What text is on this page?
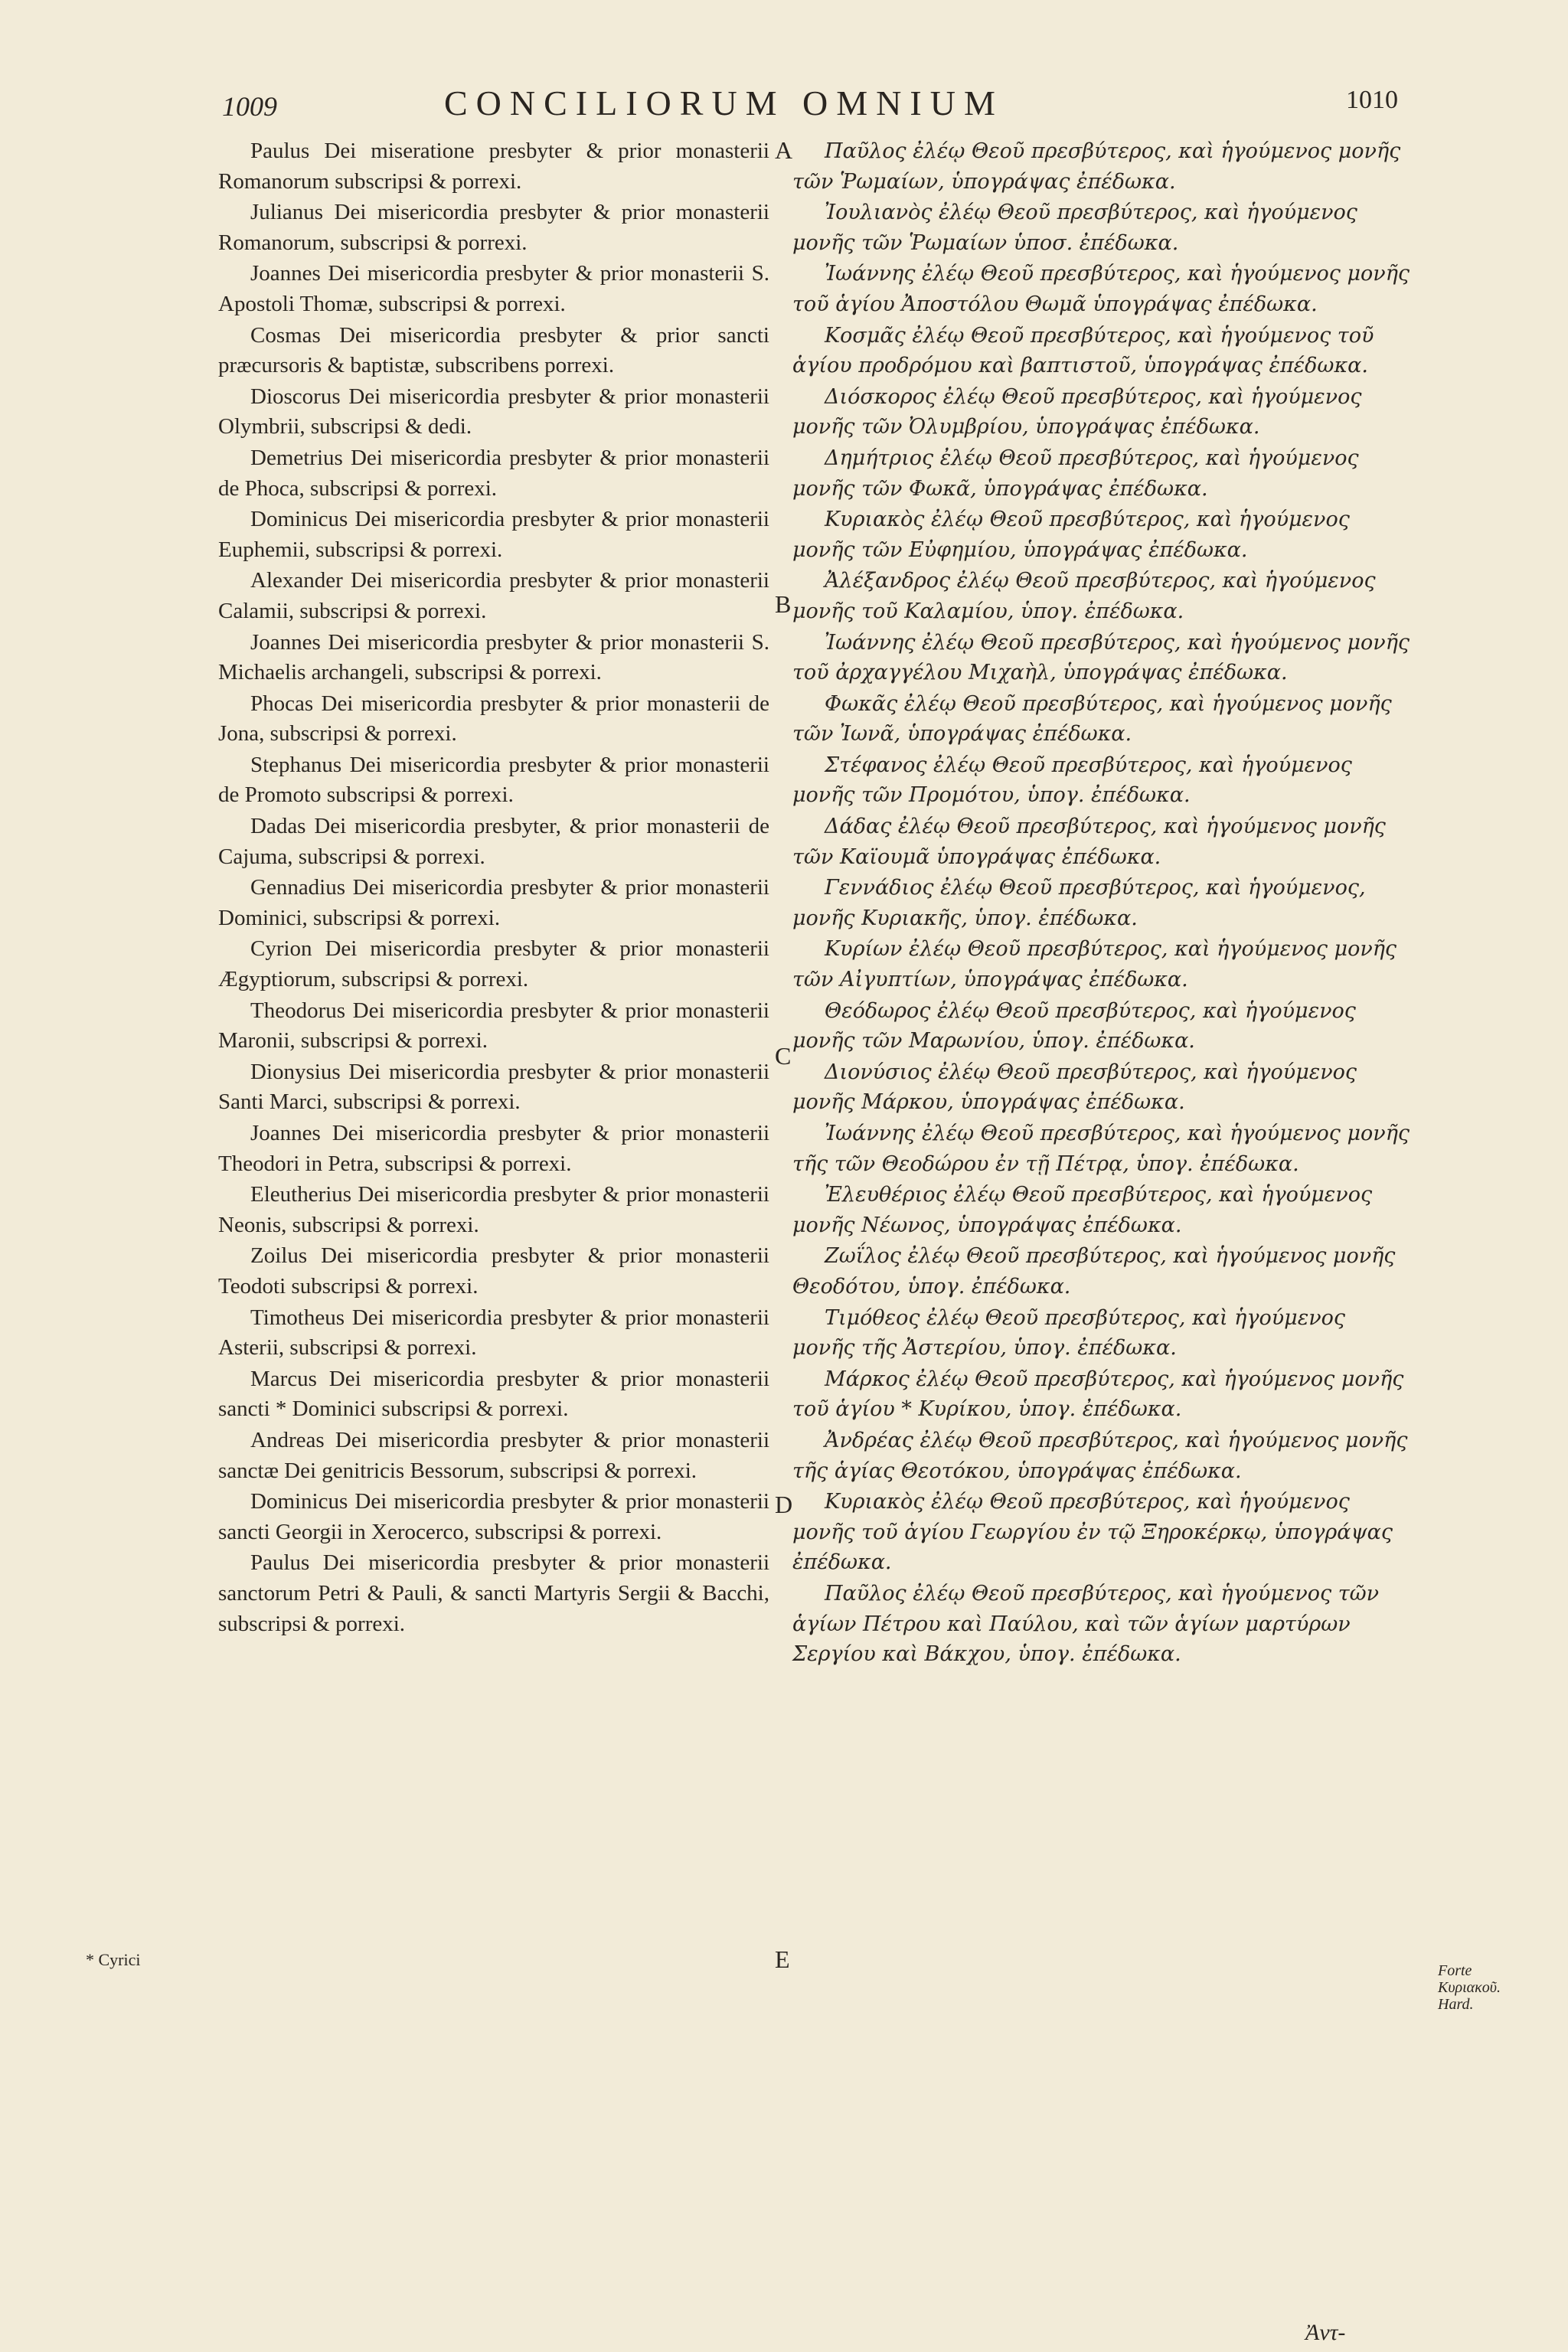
1009	CONCILIORUM OMNIUM	1010

Paulus Dei miseratione presbyter & prior monasterii Romanorum subscripsi & porrexi.

Julianus Dei misericordia presbyter & prior monasterii Romanorum, subscripsi & porrexi.

Joannes Dei misericordia presbyter & prior monasterii S. Apostoli Thomæ, subscripsi & porrexi.

Cosmas Dei misericordia presbyter & prior sancti præcursoris & baptistæ, subscribens porrexi.

Dioscorus Dei misericordia presbyter & prior monasterii Olymbrii, subscripsi & dedi.

Demetrius Dei misericordia presbyter & prior monasterii de Phoca, subscripsi & porrexi.

Dominicus Dei misericordia presbyter & prior monasterii Euphemii, subscripsi & porrexi.

Alexander Dei misericordia presbyter & prior monasterii Calamii, subscripsi & porrexi.

Joannes Dei misericordia presbyter & prior monasterii S. Michaelis archangeli, subscripsi & porrexi.

Phocas Dei misericordia presbyter & prior monasterii de Jona, subscripsi & porrexi.

Stephanus Dei misericordia presbyter & prior monasterii de Promoto subscripsi & porrexi.

Dadas Dei misericordia presbyter, & prior monasterii de Cajuma, subscripsi & porrexi.

Gennadius Dei misericordia presbyter & prior monasterii Dominici, subscripsi & porrexi.

Cyrion Dei misericordia presbyter & prior monasterii Ægyptiorum, subscripsi & porrexi.

Theodorus Dei misericordia presbyter & prior monasterii Maronii, subscripsi & porrexi.

Dionysius Dei misericordia presbyter & prior monasterii Santi Marci, subscripsi & porrexi.

Joannes Dei misericordia presbyter & prior monasterii Theodori in Petra, subscripsi & porrexi.

Eleutherius Dei misericordia presbyter & prior monasterii Neonis, subscripsi & porrexi.

Zoilus Dei misericordia presbyter & prior monasterii Teodoti subscripsi & porrexi.

Timotheus Dei misericordia presbyter & prior monasterii Asterii, subscripsi & porrexi.

Marcus Dei misericordia presbyter & prior monasterii sancti * Dominici subscripsi & porrexi.

Andreas Dei misericordia presbyter & prior monasterii sanctæ Dei genitricis Bessorum, subscripsi & porrexi.

Dominicus Dei misericordia presbyter & prior monasterii sancti Georgii in Xerocerco, subscripsi & porrexi.

Paulus Dei misericordia presbyter & prior monasterii sanctorum Petri & Pauli, & sancti Martyris Sergii & Bacchi, subscripsi & porrexi.

Παῦλος ἐλέῳ Θεοῦ πρεσβύτερος, καὶ ἡγούμενος μονῆς τῶν Ῥωμαίων, ὑπογράψας ἐπέδωκα.

Ἰουλιανὸς ἐλέῳ Θεοῦ πρεσβύτερος, καὶ ἡγούμενος μονῆς τῶν Ῥωμαίων ὑποσ. ἐπέδωκα.

Ἰωάννης ἐλέῳ Θεοῦ πρεσβύτερος, καὶ ἡγούμενος μονῆς τοῦ ἁγίου Ἀποστόλου Θωμᾶ ὑπογράψας ἐπέδωκα.

Κοσμᾶς ἐλέῳ Θεοῦ πρεσβύτερος, καὶ ἡγούμενος τοῦ ἁγίου προδρόμου καὶ βαπτιστοῦ, ὑπογράψας ἐπέδωκα.

Διόσκορος ἐλέῳ Θεοῦ πρεσβύτερος, καὶ ἡγούμενος μονῆς τῶν Ὀλυμβρίου, ὑπογράψας ἐπέδωκα.

Δημήτριος ἐλέῳ Θεοῦ πρεσβύτερος, καὶ ἡγούμενος μονῆς τῶν Φωκᾶ, ὑπογράψας ἐπέδωκα.

Κυριακὸς ἐλέῳ Θεοῦ πρεσβύτερος, καὶ ἡγούμενος μονῆς τῶν Εὐφημίου, ὑπογράψας ἐπέδωκα.

Ἀλέξανδρος ἐλέῳ Θεοῦ πρεσβύτερος, καὶ ἡγούμενος μονῆς τοῦ Καλαμίου, ὑπογ. ἐπέδωκα.

Ἰωάννης ἐλέῳ Θεοῦ πρεσβύτερος, καὶ ἡγούμενος μονῆς τοῦ ἀρχαγγέλου Μιχαὴλ, ὑπογράψας ἐπέδωκα.

Φωκᾶς ἐλέῳ Θεοῦ πρεσβύτερος, καὶ ἡγούμενος μονῆς τῶν Ἰωνᾶ, ὑπογράψας ἐπέδωκα.

Στέφανος ἐλέῳ Θεοῦ πρεσβύτερος, καὶ ἡγούμενος μονῆς τῶν Προμότου, ὑπογ. ἐπέδωκα.

Δάδας ἐλέῳ Θεοῦ πρεσβύτερος, καὶ ἡγούμενος μονῆς τῶν Καϊουμᾶ ὑπογράψας ἐπέδωκα.

Γεννάδιος ἐλέῳ Θεοῦ πρεσβύτερος, καὶ ἡγούμενος, μονῆς Κυριακῆς, ὑπογ. ἐπέδωκα.

Κυρίων ἐλέῳ Θεοῦ πρεσβύτερος, καὶ ἡγούμενος μονῆς τῶν Αἰγυπτίων, ὑπογράψας ἐπέδωκα.

Θεόδωρος ἐλέῳ Θεοῦ πρεσβύτερος, καὶ ἡγούμενος μονῆς τῶν Μαρωνίου, ὑπογ. ἐπέδωκα.

Διονύσιος ἐλέῳ Θεοῦ πρεσβύτερος, καὶ ἡγούμενος μονῆς Μάρκου, ὑπογράψας ἐπέδωκα.

Ἰωάννης ἐλέῳ Θεοῦ πρεσβύτερος, καὶ ἡγούμενος μονῆς τῆς τῶν Θεοδώρου ἐν τῇ Πέτρᾳ, ὑπογ. ἐπέδωκα.

Ἐλευθέριος ἐλέῳ Θεοῦ πρεσβύτερος, καὶ ἡγούμενος μονῆς Νέωνος, ὑπογράψας ἐπέδωκα.

Ζωΐλος ἐλέῳ Θεοῦ πρεσβύτερος, καὶ ἡγούμενος μονῆς Θεοδότου, ὑπογ. ἐπέδωκα.

Τιμόθεος ἐλέῳ Θεοῦ πρεσβύτερος, καὶ ἡγούμενος μονῆς τῆς Ἀστερίου, ὑπογ. ἐπέδωκα.

Μάρκος ἐλέῳ Θεοῦ πρεσβύτερος, καὶ ἡγούμενος μονῆς τοῦ ἁγίου * Κυρίκου, ὑπογ. ἐπέδωκα.

Ἀνδρέας ἐλέῳ Θεοῦ πρεσβύτερος, καὶ ἡγούμενος μονῆς τῆς ἁγίας Θεοτόκου, ὑπογράψας ἐπέδωκα.

Κυριακὸς ἐλέῳ Θεοῦ πρεσβύτερος, καὶ ἡγούμενος μονῆς τοῦ ἁγίου Γεωργίου ἐν τῷ Ξηροκέρκῳ, ὑπογράψας ἐπέδωκα.

Παῦλος ἐλέῳ Θεοῦ πρεσβύτερος, καὶ ἡγούμενος τῶν ἁγίων Πέτρου καὶ Παύλου, καὶ τῶν ἁγίων μαρτύρων Σεργίου καὶ Βάκχου, ὑπογ. ἐπέδωκα.

A
B
C
D
E
* Cyrici
Forte Κυριακοῦ. Hard.
Ἀντ-
